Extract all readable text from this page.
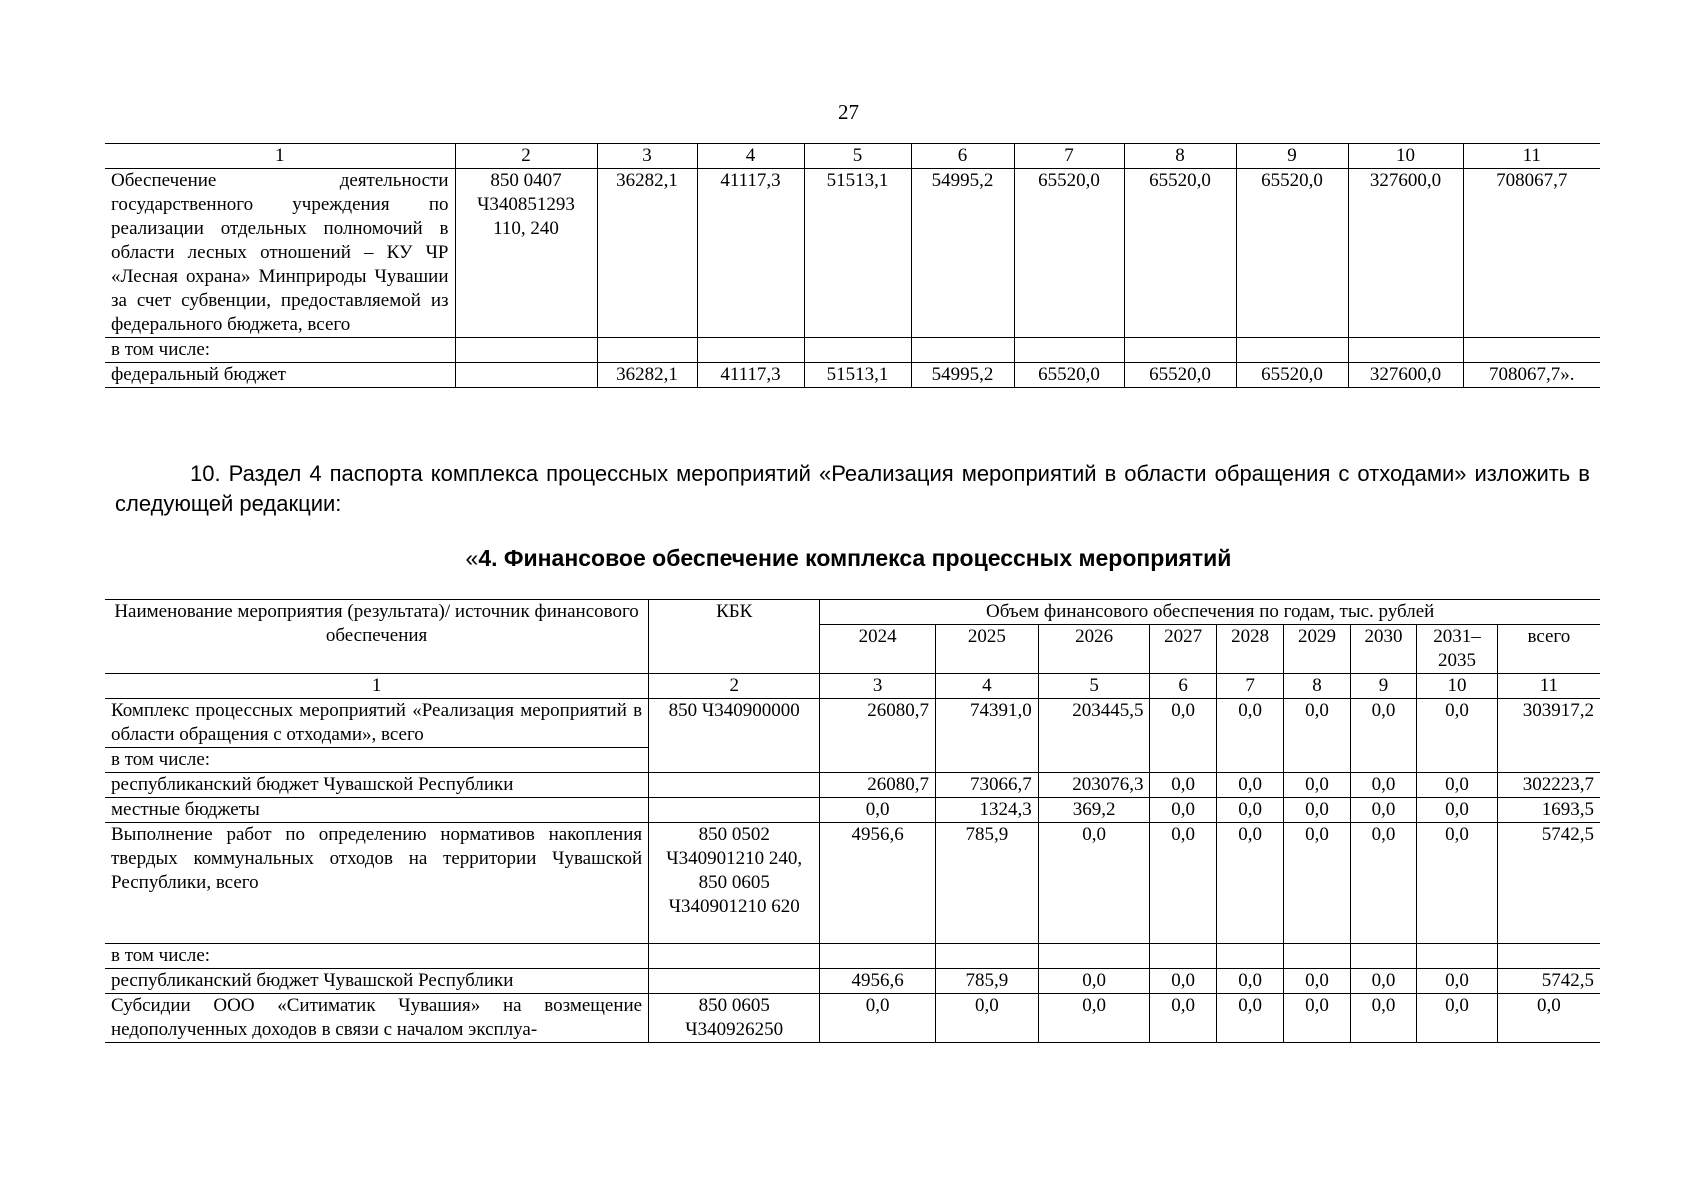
27
1	2	3	4	5	6	7	8	9	10	11
Обеспечение деятельности государственного учреждения по реализации отдельных полномочий в области лесных отношений – КУ ЧР «Лесная охрана» Минприроды Чувашии за счет субвенции, предоставляемой из федерального бюджета, всего	850 0407 Ч340851293 110, 240	36282,1	41117,3	51513,1	54995,2	65520,0	65520,0	65520,0	327600,0	708067,7
в том числе:										
федеральный бюджет		36282,1	41117,3	51513,1	54995,2	65520,0	65520,0	65520,0	327600,0	708067,7».
10. Раздел 4 паспорта комплекса процессных мероприятий «Реализация мероприятий в области обращения с отходами» изложить в следующей редакции:
«4. Финансовое обеспечение комплекса процессных мероприятий
Наименование мероприятия (результата)/ источник финансового обеспечения	КБК	Объем финансового обеспечения по годам, тыс. рублей								
		2024	2025	2026	2027	2028	2029	2030	2031– 2035	всего
1	2	3	4	5	6	7	8	9	10	11
Комплекс процессных мероприятий «Реализация мероприятий в области обращения с отходами», всего	850 Ч340900000	26080,7	74391,0	203445,5	0,0	0,0	0,0	0,0	0,0	303917,2
в том числе:										
республиканский бюджет Чувашской Республики		26080,7	73066,7	203076,3	0,0	0,0	0,0	0,0	0,0	302223,7
местные бюджеты		0,0	1324,3	369,2	0,0	0,0	0,0	0,0	0,0	1693,5
Выполнение работ по определению нормативов накопления твердых коммунальных отходов на территории Чувашской Республики, всего	850 0502 Ч340901210 240, 850 0605 Ч340901210 620	4956,6	785,9	0,0	0,0	0,0	0,0	0,0	0,0	5742,5
в том числе:										
республиканский бюджет Чувашской Республики		4956,6	785,9	0,0	0,0	0,0	0,0	0,0	0,0	5742,5
Субсидии ООО «Ситиматик Чувашия» на возмещение недополученных доходов в связи с началом эксплуа-	850 0605 Ч340926250	0,0	0,0	0,0	0,0	0,0	0,0	0,0	0,0	0,0
